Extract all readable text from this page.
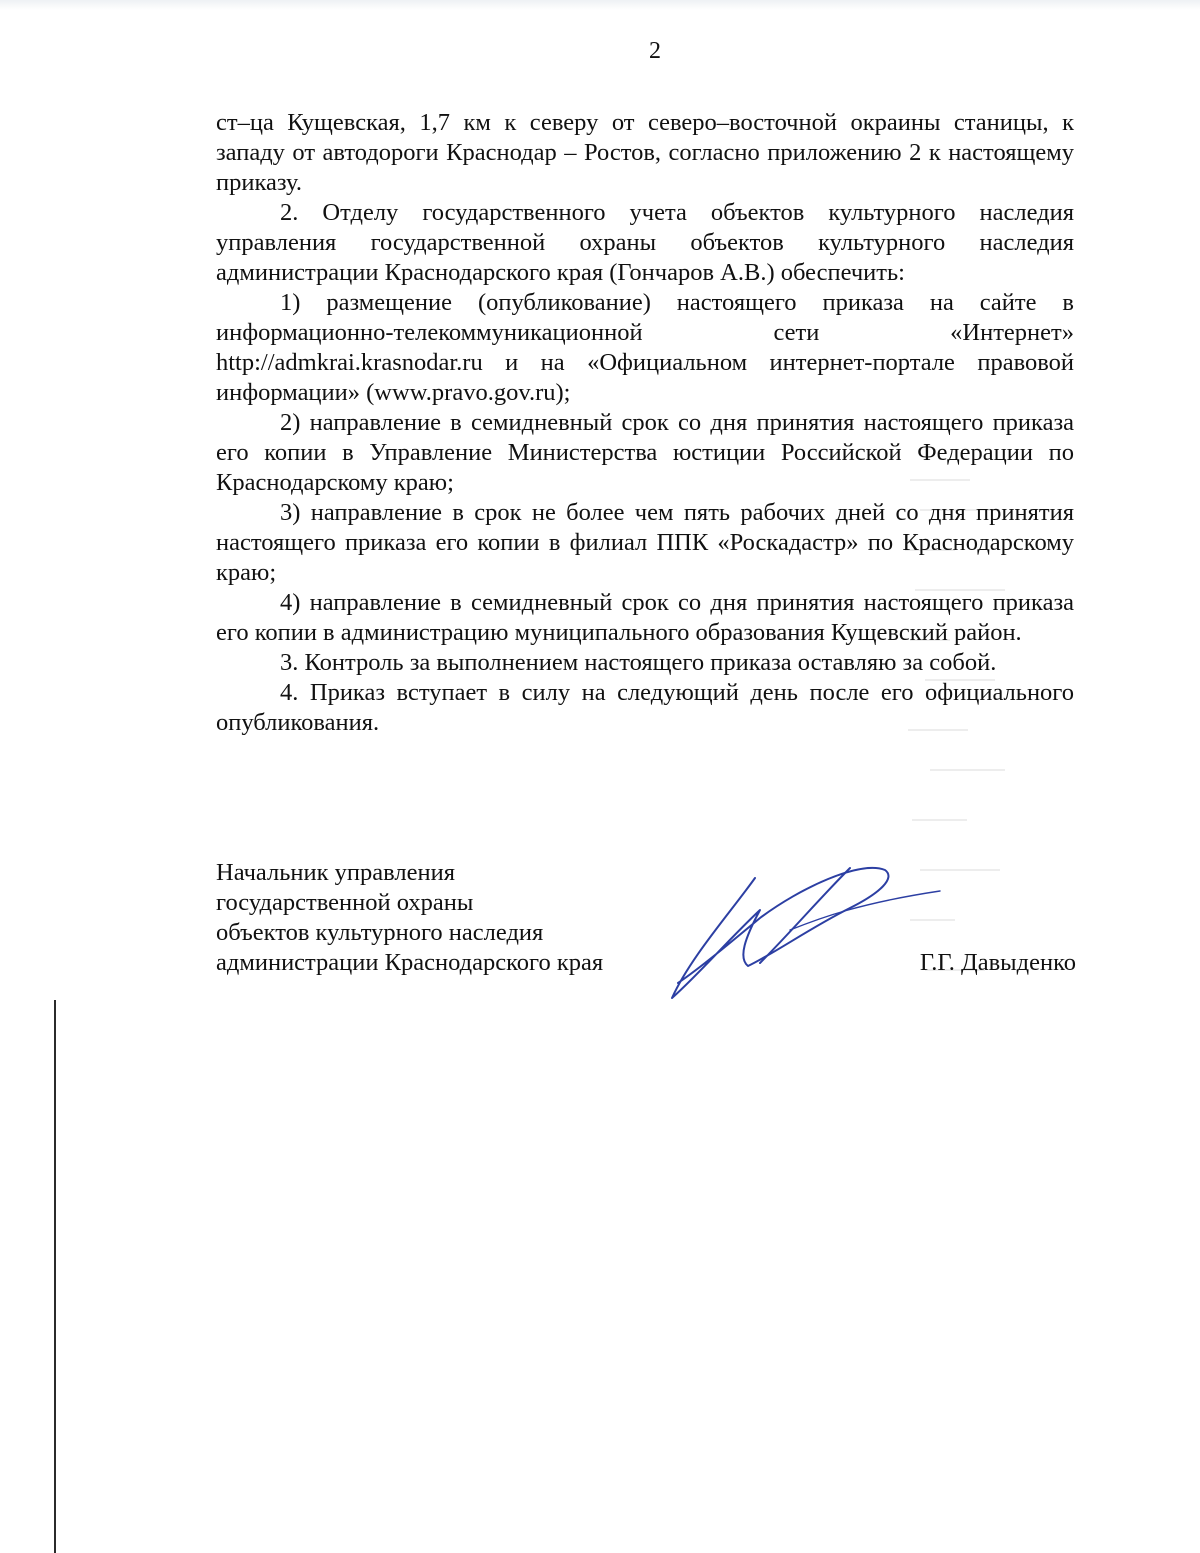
2

ст–ца Кущевская, 1,7 км к северу от северо–восточной окраины станицы, к западу от автодороги Краснодар – Ростов, согласно приложению 2 к настоящему приказу.

2. Отделу государственного учета объектов культурного наследия управления государственной охраны объектов культурного наследия администрации Краснодарского края (Гончаров А.В.) обеспечить:

1) размещение (опубликование) настоящего приказа на сайте в информационно-телекоммуникационной сети «Интернет» http://admkrai.krasnodar.ru и на «Официальном интернет-портале правовой информации» (www.pravo.gov.ru);

2) направление в семидневный срок со дня принятия настоящего приказа его копии в Управление Министерства юстиции Российской Федерации по Краснодарскому краю;

3) направление в срок не более чем пять рабочих дней со дня принятия настоящего приказа его копии в филиал ППК «Роскадастр» по Краснодарскому краю;

4) направление в семидневный срок со дня принятия настоящего приказа его копии в администрацию муниципального образования Кущевский район.

3. Контроль за выполнением настоящего приказа оставляю за собой.

4. Приказ вступает в силу на следующий день после его официального опубликования.

Начальник управления
государственной охраны
объектов культурного наследия
администрации Краснодарского края	Г.Г. Давыденко
